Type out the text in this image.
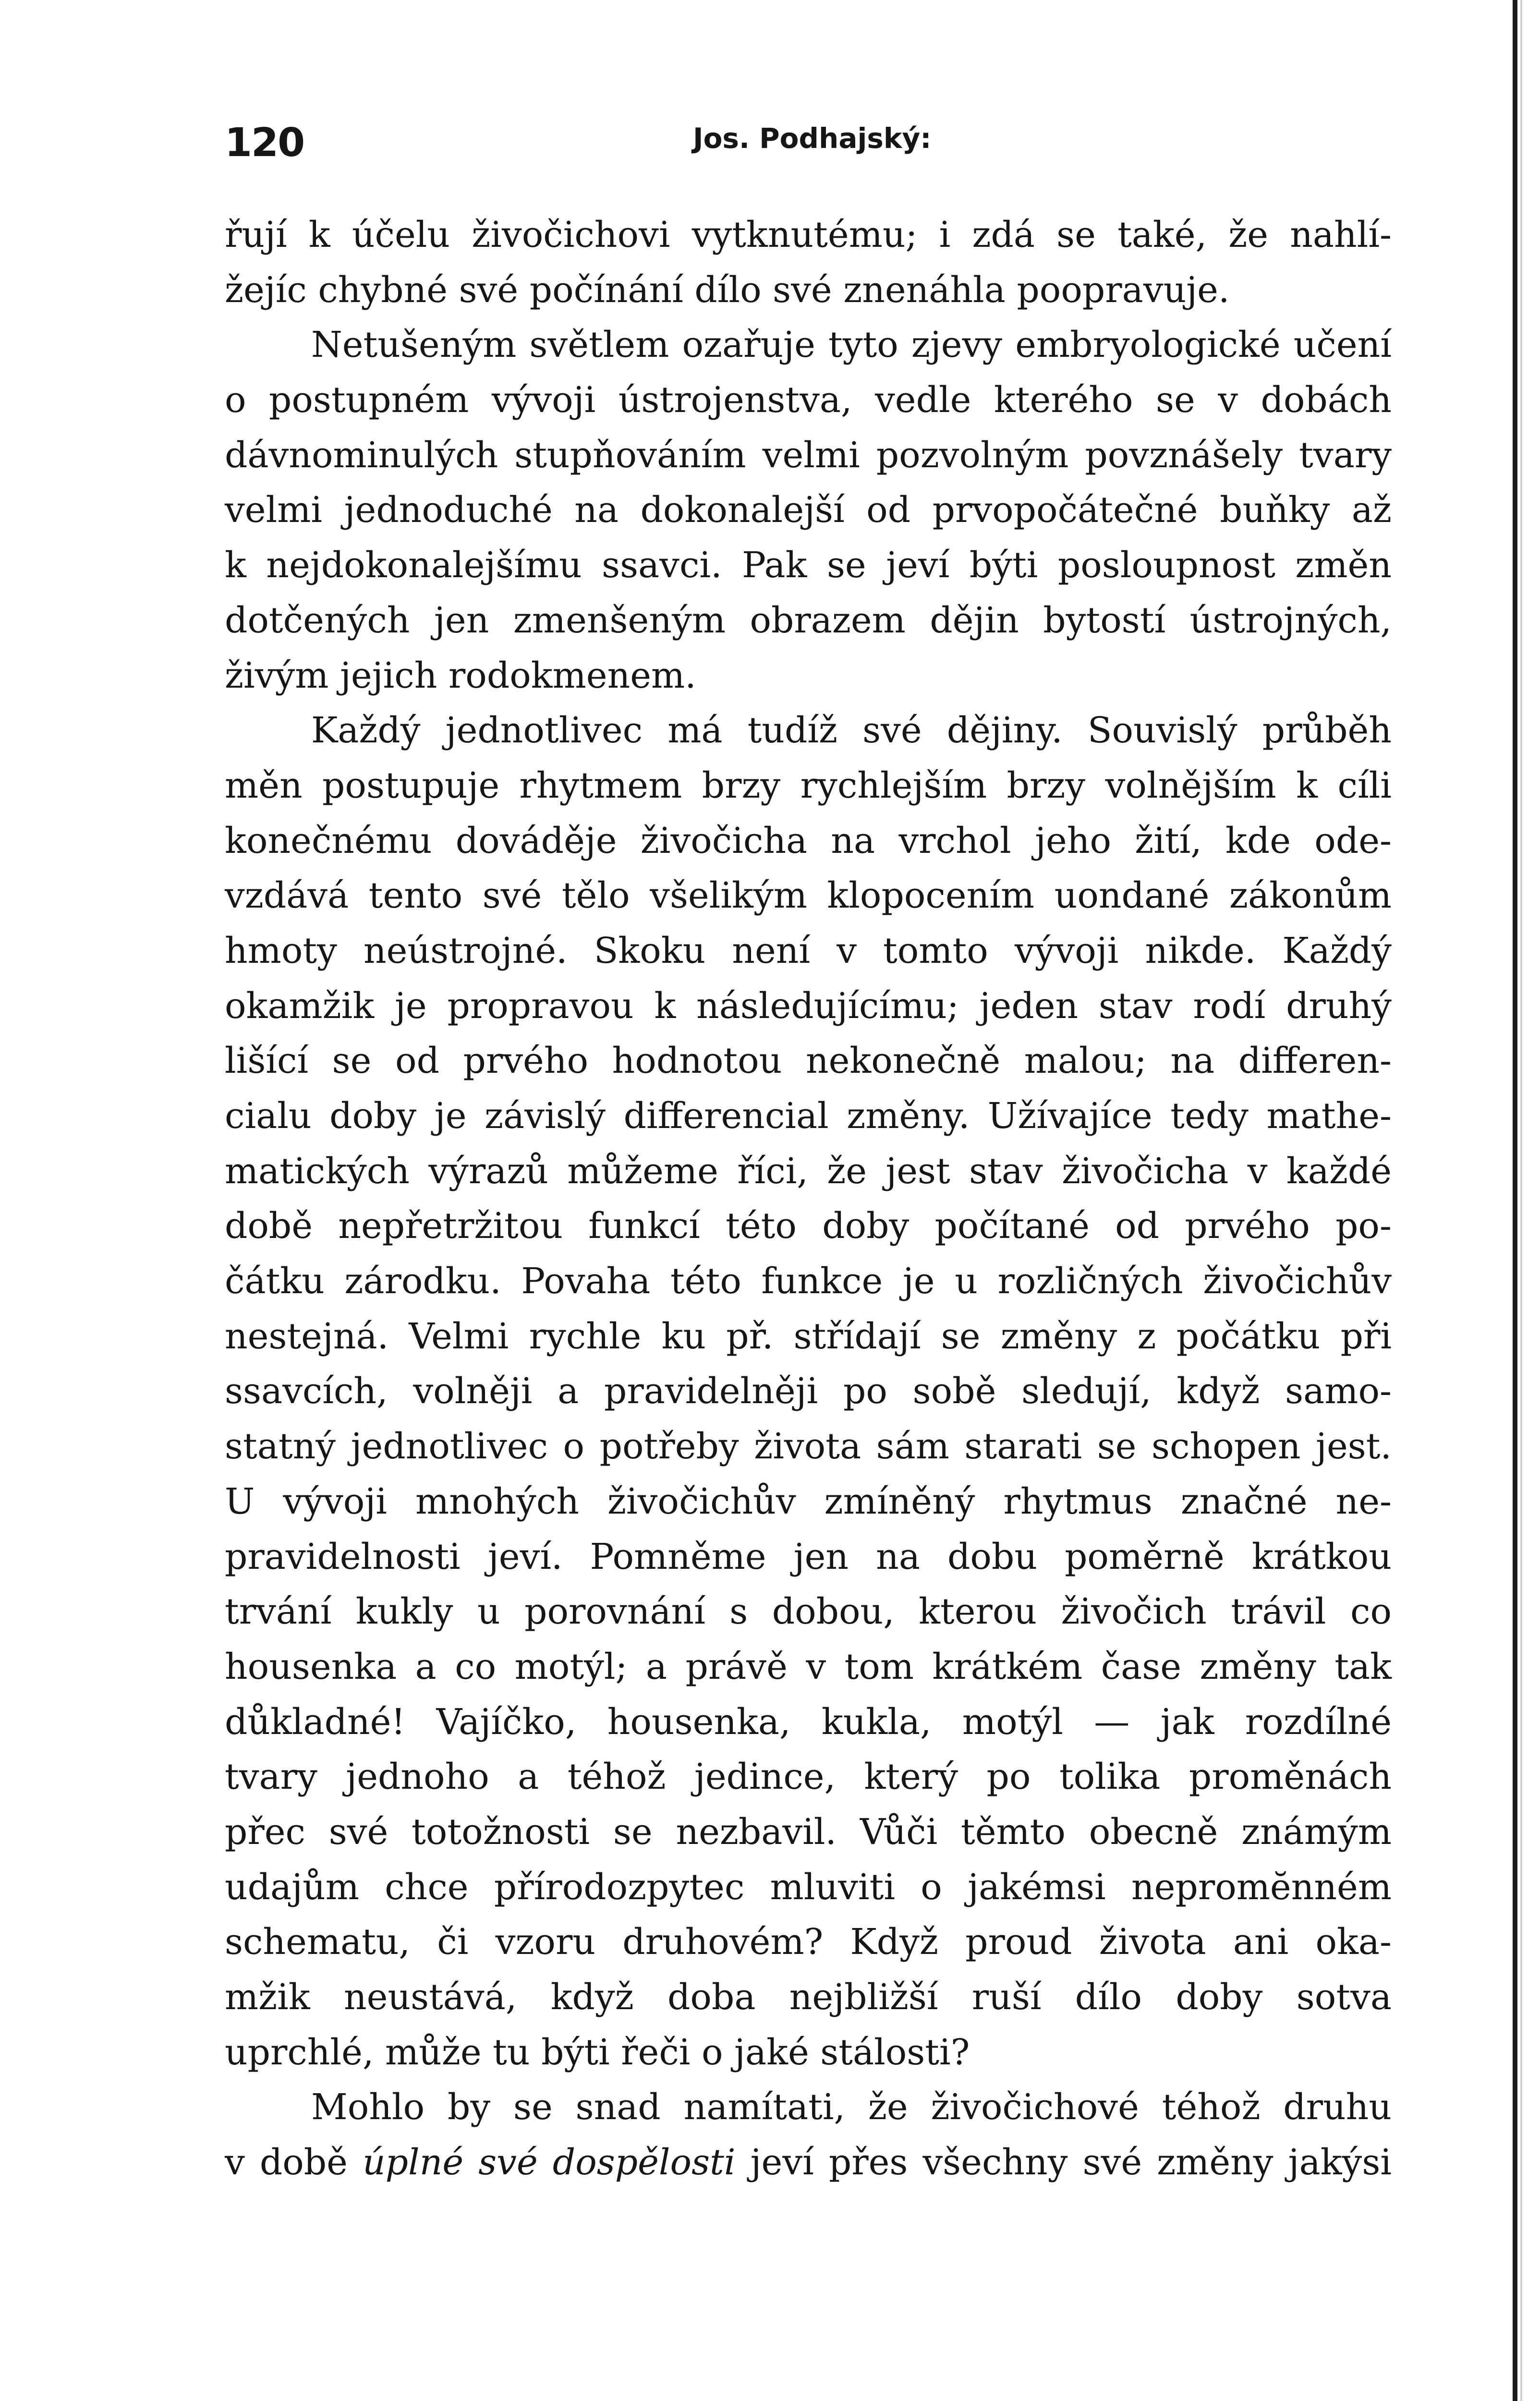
120	Jos. Podhajský:
řují k účelu živočichovi vytknutému; i zdá se také, že nahlí-
žejíc chybné své počínání dílo své znenáhla poopravuje.
Netušeným světlem ozařuje tyto zjevy embryologické učení
o postupném vývoji ústrojenstva, vedle kterého se v dobách
dávnominulých stupňováním velmi pozvolným povznášely tvary
velmi jednoduché na dokonalejší od prvopočátečné buňky až
k nejdokonalejšímu ssavci. Pak se jeví býti posloupnost změn
dotčených jen zmenšeným obrazem dějin bytostí ústrojných,
živým jejich rodokmenem.
Každý jednotlivec má tudíž své dějiny. Souvislý průběh
měn postupuje rhytmem brzy rychlejším brzy volnějším k cíli
konečnému dováděje živočicha na vrchol jeho žití, kde ode-
vzdává tento své tělo všelikým klopocením uondané zákonům
hmoty neústrojné. Skoku není v tomto vývoji nikde. Každý
okamžik je propravou k následujícímu; jeden stav rodí druhý
lišící se od prvého hodnotou nekonečně malou; na differen-
cialu doby je závislý differencial změny. Užívajíce tedy mathe-
matických výrazů můžeme říci, že jest stav živočicha v každé
době nepřetržitou funkcí této doby počítané od prvého po-
čátku zárodku. Povaha této funkce je u rozličných živočichův
nestejná. Velmi rychle ku př. střídají se změny z počátku při
ssavcích, volněji a pravidelněji po sobě sledují, když samo-
statný jednotlivec o potřeby života sám starati se schopen jest.
U vývoji mnohých živočichův zmíněný rhytmus značné ne-
pravidelnosti jeví. Pomněme jen na dobu poměrně krátkou
trvání kukly u porovnání s dobou, kterou živočich trávil co
housenka a co motýl; a právě v tom krátkém čase změny tak
důkladné! Vajíčko, housenka, kukla, motýl — jak rozdílné
tvary jednoho a téhož jedince, který po tolika proměnách
přec své totožnosti se nezbavil. Vůči těmto obecně známým
udajům chce přírodozpytec mluviti o jakémsi nepromĕnném
schematu, či vzoru druhovém? Když proud života ani oka-
mžik neustává, když doba nejbližší ruší dílo doby sotva
uprchlé, může tu býti řeči o jaké stálosti?
Mohlo by se snad namítati, že živočichové téhož druhu
v době úplné své dospělosti jeví přes všechny své změny jakýsi
